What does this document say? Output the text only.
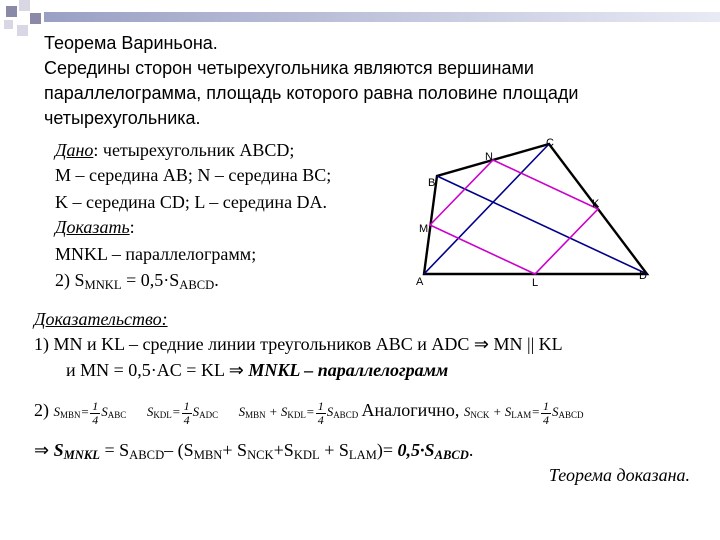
Теорема Вариньона.
Середины сторон четырехугольника являются вершинами
параллелограмма, площадь которого равна половине площади
четырехугольника.
Дано: четырехугольник ABCD;
M – середина AB; N – середина BC;
K – середина CD; L – середина DA.
Доказать:
MNKL – параллелограмм;
2) $S_{MNKL} = 0,5\cdot S_{ABCD}$.	A
B
C
D
M
N
K
L
Доказательство:
1) MN и KL – средние линии треугольников ABC и ADC ⇒ MN || KL
и MN = 0,5·AC = KL ⇒ MNKL – параллелограмм
2) $S_{MBN}= \frac{1}{4} S_{ABC}$ $S_{KDL}= \frac{1}{4} S_{ADC}$ $S_{MBN} + S_{KDL}= \frac{1}{4} S_{ABCD}$ Аналогично, $S_{NCK} + S_{LAM}= \frac{1}{4} S_{ABCD}$
⇒ $S_{MNKL} = S_{ABCD}-$ $(S_{MBN}+ S_{NCK}+S_{KDL} + S_{LAM})= 0,5\cdot S_{ABCD}$.
Теорема доказана.
